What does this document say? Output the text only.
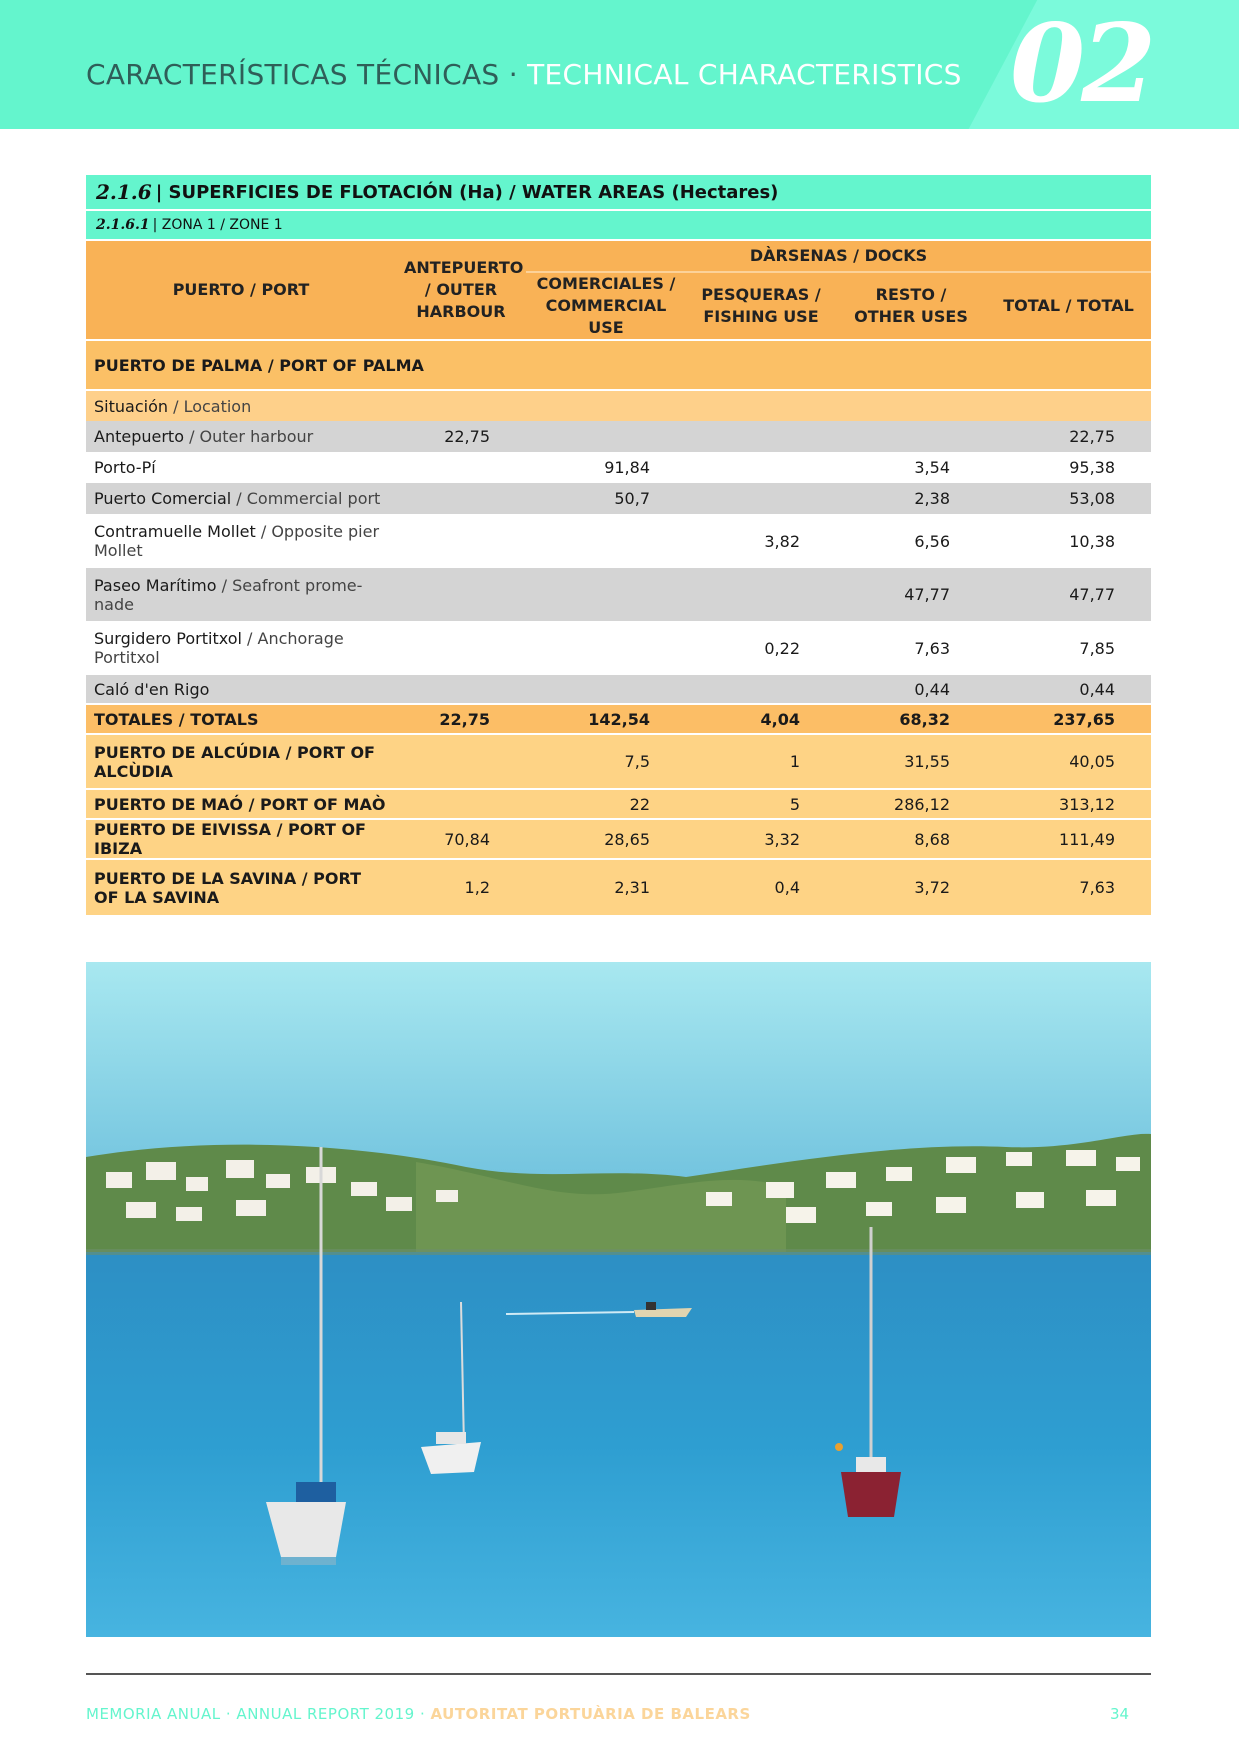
CARACTERÍSTICAS TÉCNICAS · TECHNICAL CHARACTERISTICS 02
2.1.6 | SUPERFICIES DE FLOTACIÓN (Ha) / WATER AREAS (Hectares)
2.1.6.1 | ZONA 1 / ZONE 1
PUERTO / PORT	ANTEPUERTO / OUTER HARBOUR	DÀRSENAS / DOCKS			
		COMERCIALES / COMMERCIAL USE	PESQUERAS / FISHING USE	RESTO / OTHER USES	TOTAL / TOTAL
PUERTO DE PALMA / PORT OF PALMA					
Situación / Location					
Antepuerto / Outer harbour	22,75				22,75
Porto-Pí		91,84		3,54	95,38
Puerto Comercial / Commercial port		50,7		2,38	53,08
Contramuelle Mollet / Opposite pier Mollet			3,82	6,56	10,38
Paseo Marítimo / Seafront prome-nade				47,77	47,77
Surgidero Portitxol / Anchorage Portitxol			0,22	7,63	7,85
Caló d'en Rigo				0,44	0,44
TOTALES / TOTALS	22,75	142,54	4,04	68,32	237,65
PUERTO DE ALCÚDIA / PORT OF ALCÙDIA		7,5	1	31,55	40,05
PUERTO DE MAÓ / PORT OF MAÒ		22	5	286,12	313,12
PUERTO DE EIVISSA / PORT OF IBIZA	70,84	28,65	3,32	8,68	111,49
PUERTO DE LA SAVINA / PORT OF LA SAVINA	1,2	2,31	0,4	3,72	7,63
MEMORIA ANUAL · ANNUAL REPORT 2019 · AUTORITAT PORTUÀRIA DE BALEARS	34
